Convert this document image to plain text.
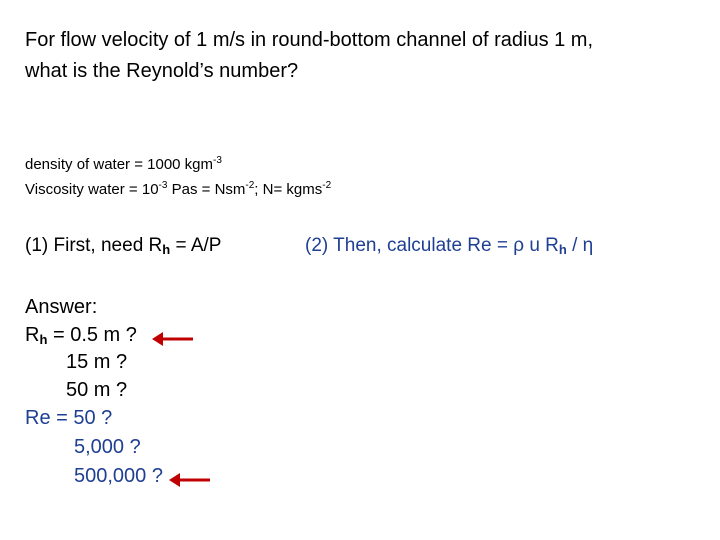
For flow velocity of 1 m/s in round-bottom channel of radius 1 m,
what is the Reynold’s number?
density of water = 1000 kgm$^{-3}$
Viscosity water = $10^{-3}$ Pas = Nsm$^{-2}$; N= kgms$^{-2}$
(1) First, need $R_h = A/P$	(2) Then, calculate Re = ρ u $R_h$ / η
Answer:
$R_h = 0.5$ m ?
15 m ?
50 m ?
Re = 50 ?
5,000 ?
500,000 ?
